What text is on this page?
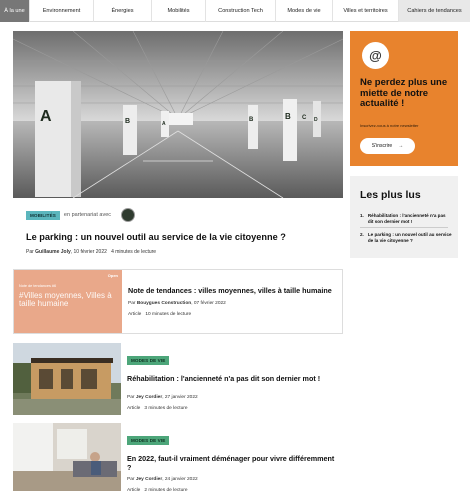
À la une	Environnement	Énergies	Mobilités	Construction Tech	Modes de vie	Villes et territoires	Cahiers de tendances
A	B	A
B	B C D
MOBILITÉS	en partenariat avec
Le parking : un nouvel outil au service de la vie citoyenne ?
Par Guillaume Joly, 10 février 2022 4 minutes de lecture
Open
Note de tendances #6
#Villes moyennes, Villes à taille humaine
Note de tendances : villes moyennes, villes à taille humaine
Par Bouygues Construction, 07 février 2022
Article 10 minutes de lecture
MODES DE VIE
Réhabilitation : l'ancienneté n'a pas dit son dernier mot !
Par Jey Cordier, 27 janvier 2022
Article 3 minutes de lecture
MODES DE VIE
En 2022, faut-il vraiment déménager pour vivre différemment ?
Par Jey Cordier, 24 janvier 2022
Article 2 minutes de lecture
@
Ne perdez plus une miette de notre actualité !
Inscrivez-vous à notre newsletter
S'inscrire →
Les plus lus
1. Réhabilitation : l'ancienneté n'a pas dit son dernier mot !
2. Le parking : un nouvel outil au service de la vie citoyenne ?
